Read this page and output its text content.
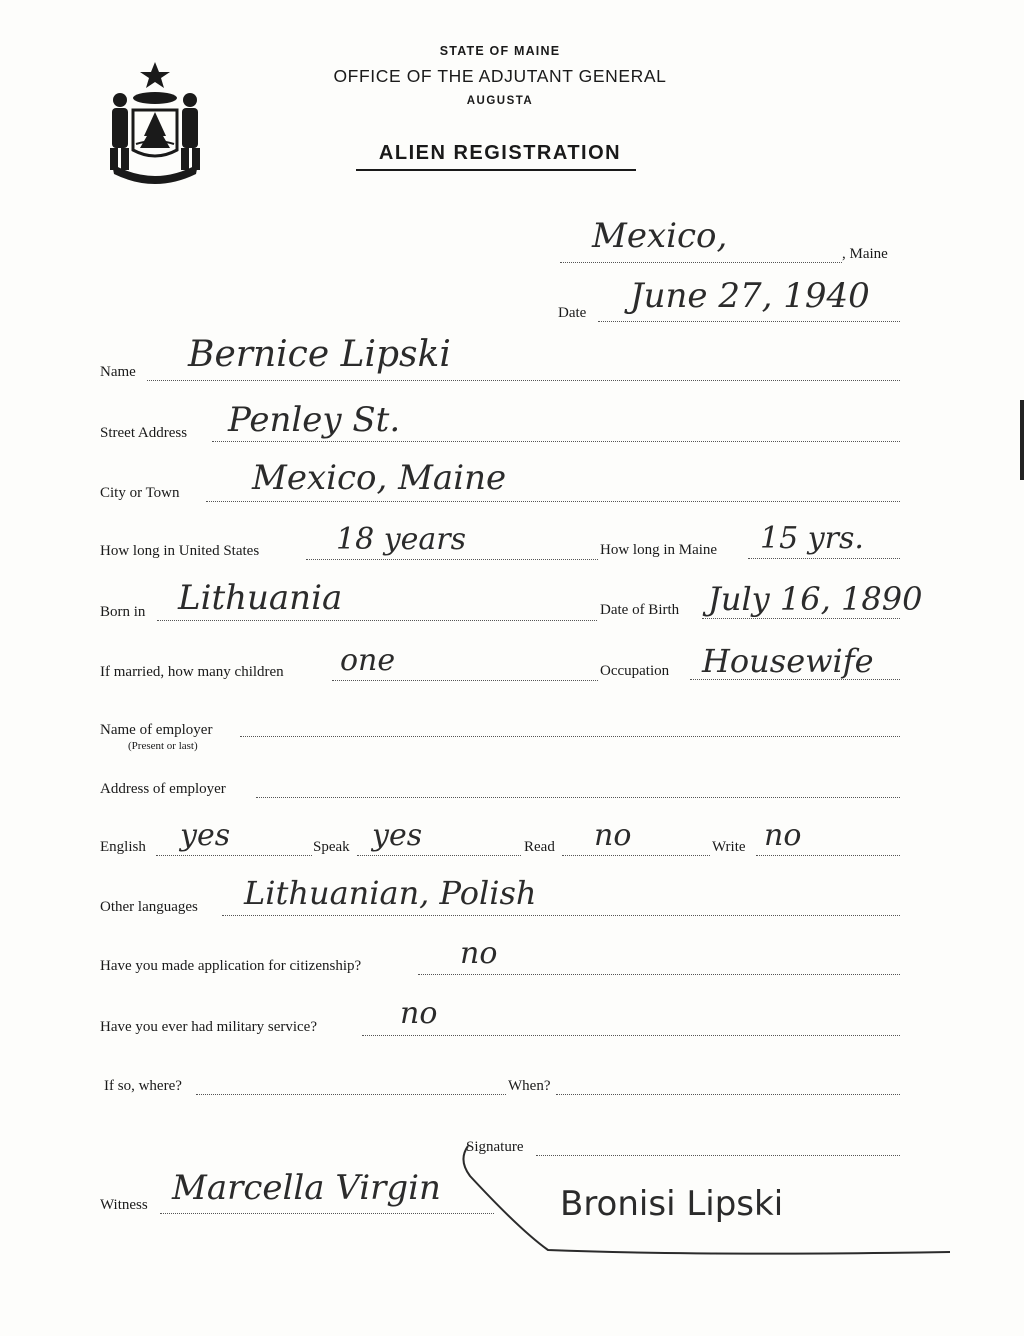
STATE OF MAINE
OFFICE OF THE ADJUTANT GENERAL
AUGUSTA
ALIEN REGISTRATION
Mexico,	, Maine
Date June 27, 1940
Name Bernice Lipski
Street Address Penley St.
City or Town Mexico, Maine
How long in United States	18 years	How long in Maine 15 yrs.
Born in Lithuania	Date of Birth July 16, 1890
If married, how many children one	Occupation Housewife
Name of employer
(Present or last)
Address of employer
English yes	Speak yes	Read no	Write no
Other languages Lithuanian, Polish
Have you made application for citizenship?	no
Have you ever had military service?	no
If so, where?	When?
Signature
Bronisi Lipski
Witness Marcella Virgin
